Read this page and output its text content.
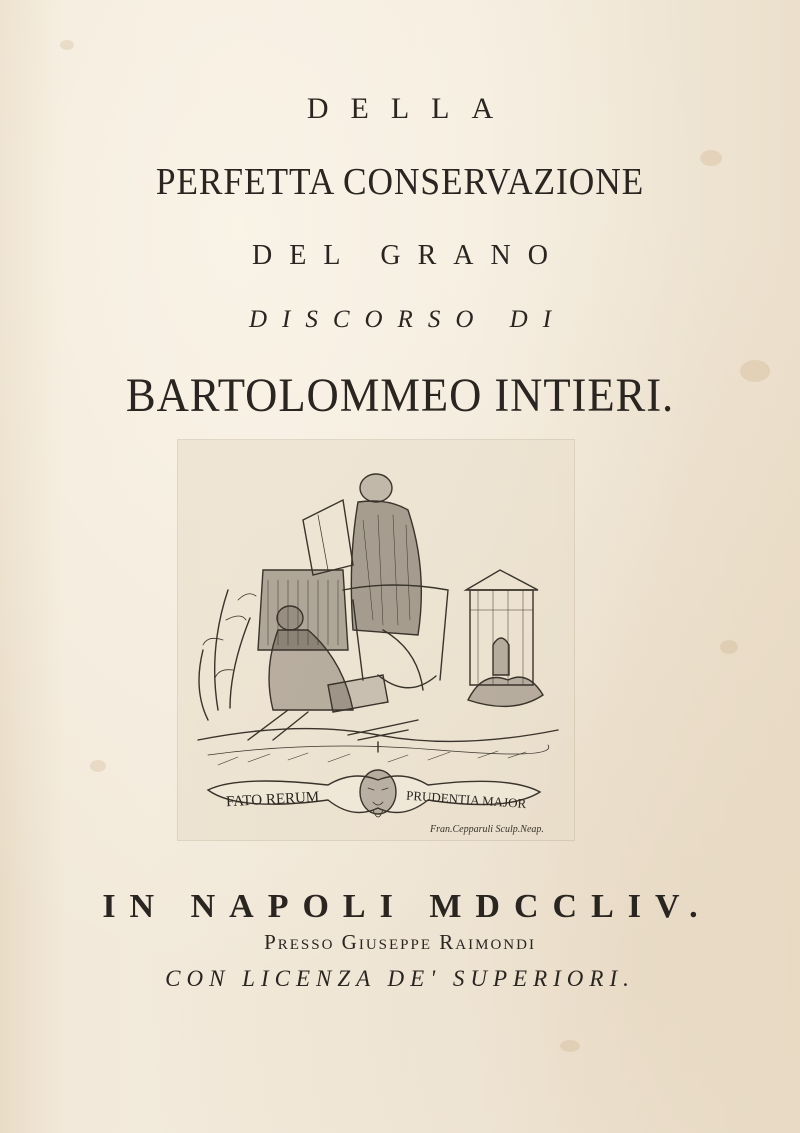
DELLA
PERFETTA CONSERVAZIONE
DEL GRANO
DISCORSO DI
BARTOLOMMEO INTIERI.
FATO RERUM	PRUDENTIA MAJOR
Fran.Cepparuli Sculp.Neap.
IN NAPOLI MDCCLIV.
Presso Giuseppe Raimondi
CON LICENZA DE' SUPERIORI.
